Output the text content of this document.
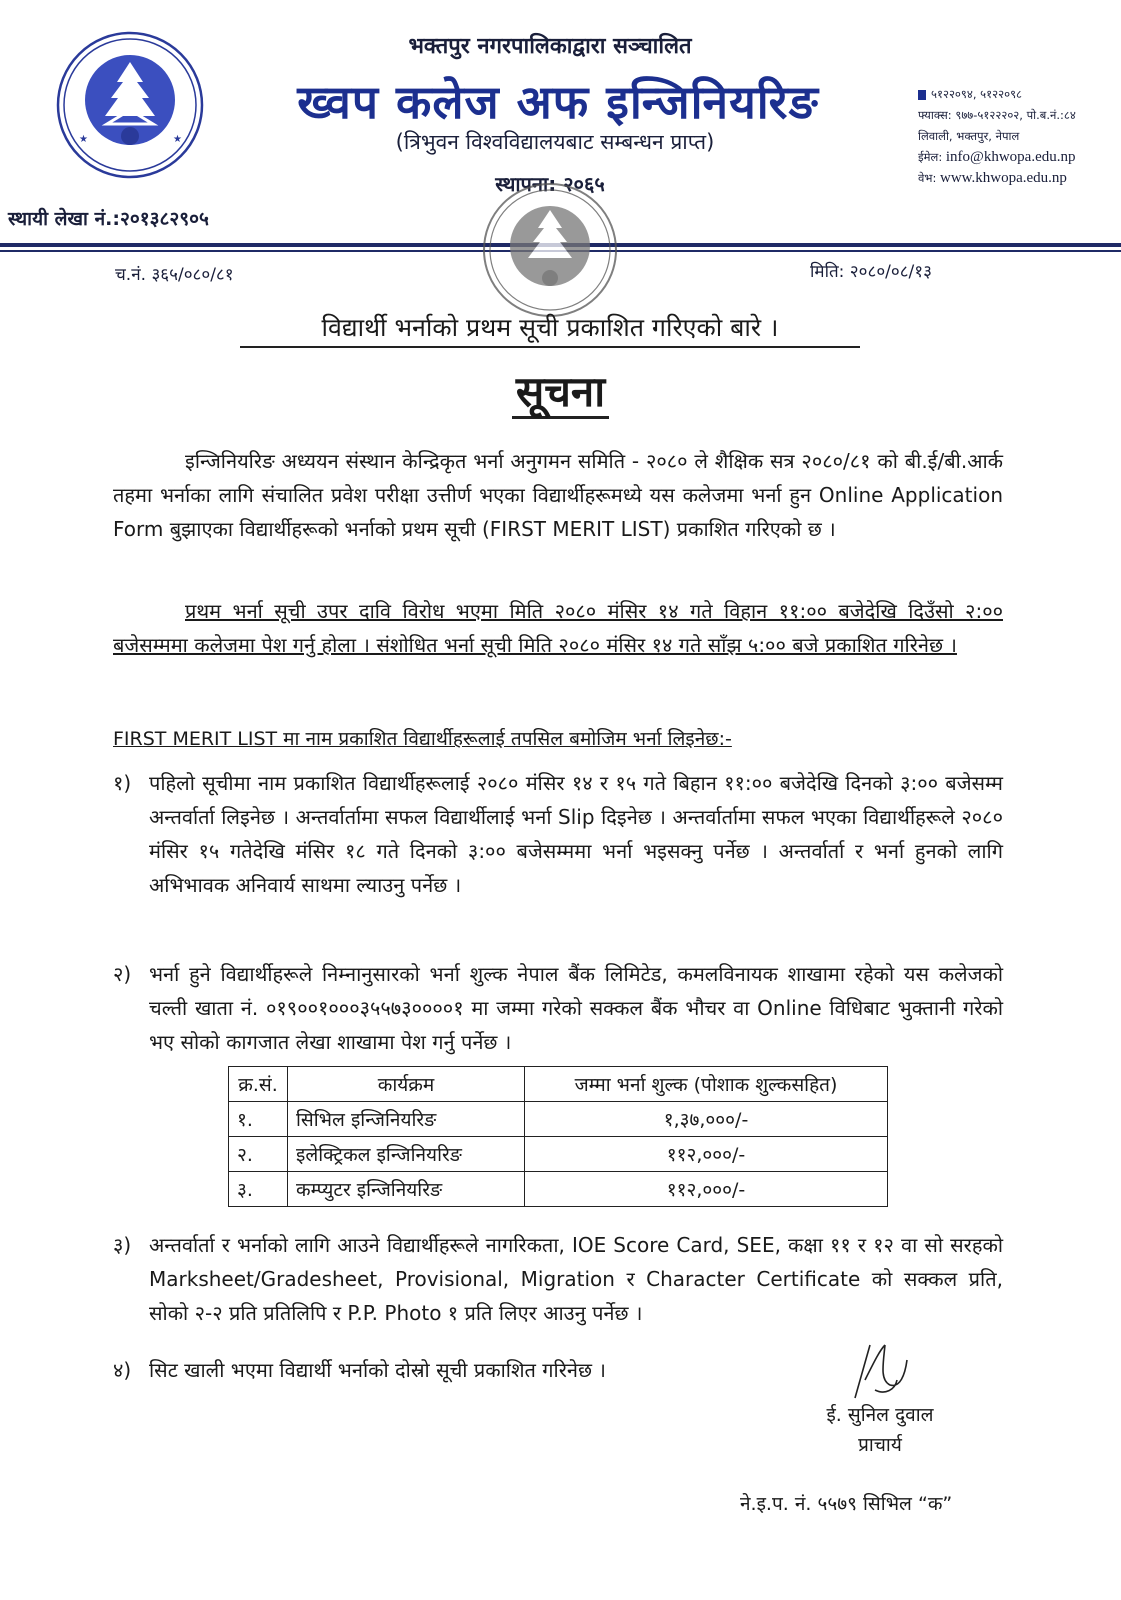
★	★
भक्तपुर नगरपालिकाद्वारा सञ्चालित
ख्वप कलेज अफ इन्जिनियरिङ
(त्रिभुवन विश्वविद्यालयबाट सम्बन्धन प्राप्त)
स्थापना: २०६५
५१२२०९४, ५१२२०९८
फ्याक्स: ९७७-५१२२२०२, पो.ब.नं.:८४
लिवाली, भक्तपुर, नेपाल
ईमेल: info@khwopa.edu.np
वेभ: www.khwopa.edu.np
स्थायी लेखा नं.:२०१३८२९०५
च.नं. ३६५/०८०/८१	मिति: २०८०/०८/१३
विद्यार्थी भर्नाको प्रथम सूची प्रकाशित गरिएको बारे ।
सूचना
इन्जिनियरिङ अध्ययन संस्थान केन्द्रिकृत भर्ना अनुगमन समिति - २०८० ले शैक्षिक सत्र २०८०/८१ को बी.ई/बी.आर्क तहमा भर्नाका लागि संचालित प्रवेश परीक्षा उत्तीर्ण भएका विद्यार्थीहरूमध्ये यस कलेजमा भर्ना हुन Online Application Form बुझाएका विद्यार्थीहरूको भर्नाको प्रथम सूची (FIRST MERIT LIST) प्रकाशित गरिएको छ ।
प्रथम भर्ना सूची उपर दावि विरोध भएमा मिति २०८० मंसिर १४ गते विहान ११:०० बजेदेखि दिउँसो २:०० बजेसम्ममा कलेजमा पेश गर्नु होला । संशोधित भर्ना सूची मिति २०८० मंसिर १४ गते साँझ ५:०० बजे प्रकाशित गरिनेछ ।
FIRST MERIT LIST मा नाम प्रकाशित विद्यार्थीहरूलाई तपसिल बमोजिम भर्ना लिइनेछ:-
१) पहिलो सूचीमा नाम प्रकाशित विद्यार्थीहरूलाई २०८० मंसिर १४ र १५ गते बिहान ११:०० बजेदेखि दिनको ३:०० बजेसम्म अन्तर्वार्ता लिइनेछ । अन्तर्वार्तामा सफल विद्यार्थीलाई भर्ना Slip दिइनेछ । अन्तर्वार्तामा सफल भएका विद्यार्थीहरूले २०८० मंसिर १५ गतेदेखि मंसिर १८ गते दिनको ३:०० बजेसम्ममा भर्ना भइसक्नु पर्नेछ । अन्तर्वार्ता र भर्ना हुनको लागि अभिभावक अनिवार्य साथमा ल्याउनु पर्नेछ ।
२) भर्ना हुने विद्यार्थीहरूले निम्नानुसारको भर्ना शुल्क नेपाल बैंक लिमिटेड, कमलविनायक शाखामा रहेको यस कलेजको चल्ती खाता नं. ०१९००१०००३५५७३००००१ मा जम्मा गरेको सक्कल बैंक भौचर वा Online विधिबाट भुक्तानी गरेको भए सोको कागजात लेखा शाखामा पेश गर्नु पर्नेछ ।
क्र.सं.	कार्यक्रम	जम्मा भर्ना शुल्क (पोशाक शुल्कसहित)
१.	सिभिल इन्जिनियरिङ	१,३७,०००/-
२.	इलेक्ट्रिकल इन्जिनियरिङ	११२,०००/-
३.	कम्प्युटर इन्जिनियरिङ	११२,०००/-
३) अन्तर्वार्ता र भर्नाको लागि आउने विद्यार्थीहरूले नागरिकता, IOE Score Card, SEE, कक्षा ११ र १२ वा सो सरहको Marksheet/Gradesheet, Provisional, Migration र Character Certificate को सक्कल प्रति, सोको २-२ प्रति प्रतिलिपि र P.P. Photo १ प्रति लिएर आउनु पर्नेछ ।
४) सिट खाली भएमा विद्यार्थी भर्नाको दोस्रो सूची प्रकाशित गरिनेछ ।
ई. सुनिल दुवाल
प्राचार्य
ने.इ.प. नं. ५५७९ सिभिल “क”
